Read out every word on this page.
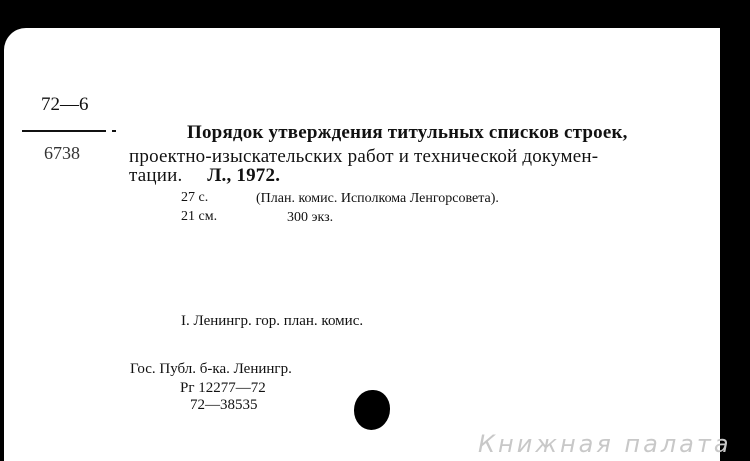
72—6
6738
Порядок утверждения титульных списков строек,
проектно-изыскательских работ и технической докумен-
тации. Л., 1972.
27 с.	(План. комис. Исполкома Ленгорсовета).
21 см.	300 экз.
I. Ленингр. гор. план. комис.
Гос. Публ. б-ка. Ленингр.
Рг 12277—72
72—38535
Книжная палата
